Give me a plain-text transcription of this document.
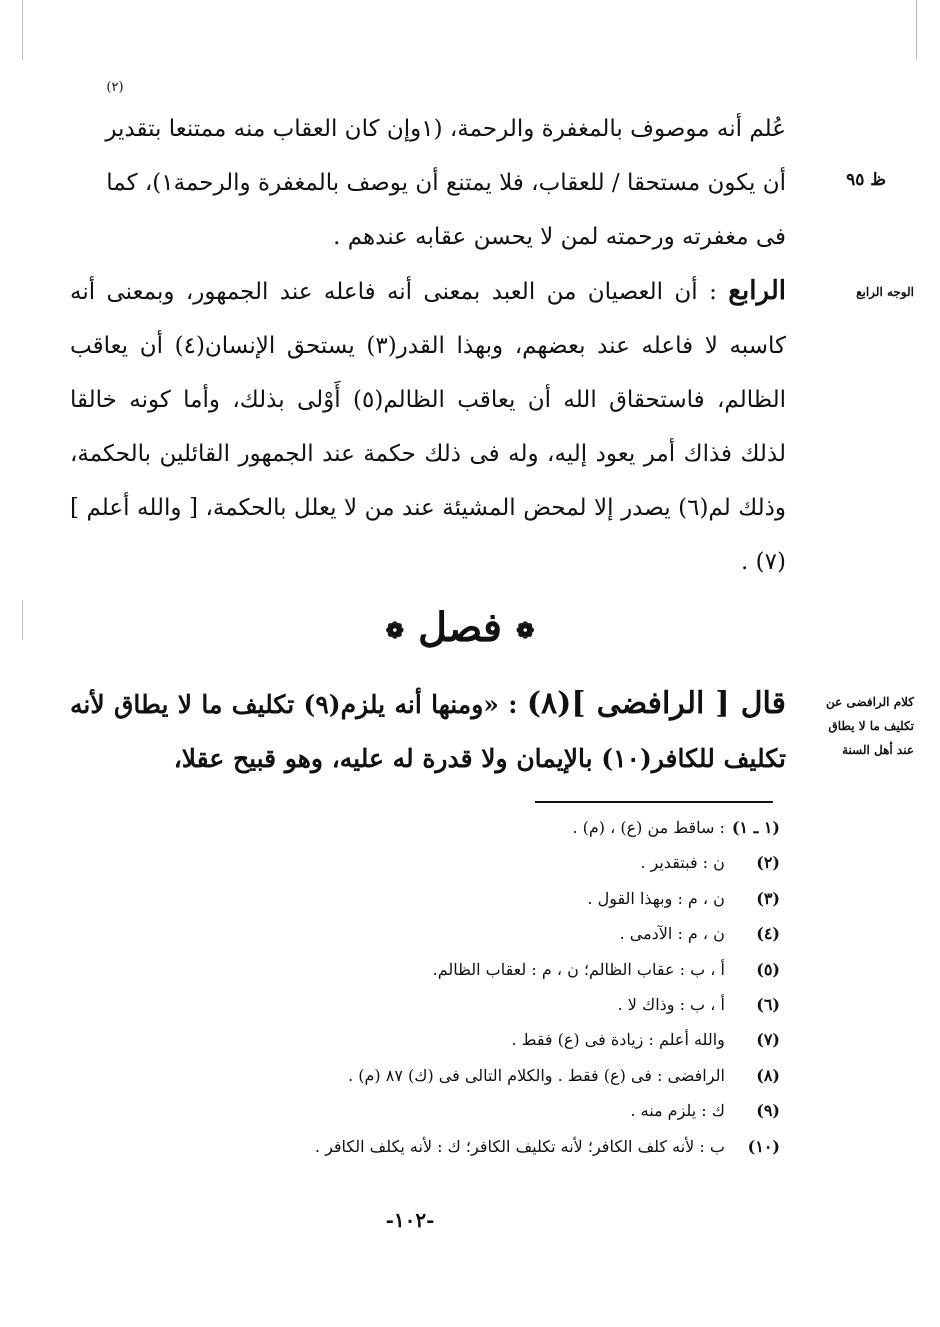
(٢)
ظ ٩٥
الوجه الرابع
كلام الرافضى عن تكليف ما لا يطاق عند أهل السنة

عُلم أنه موصوف بالمغفرة والرحمة، (١وإن كان العقاب منه ممتنعا بتقدير

أن يكون مستحقا / للعقاب، فلا يمتنع أن يوصف بالمغفرة والرحمة١)، كما

فى مغفرته ورحمته لمن لا يحسن عقابه عندهم .

الرابع : أن العصيان من العبد بمعنى أنه فاعله عند الجمهور، وبمعنى أنه كاسبه لا فاعله عند بعضهم، وبهذا القدر(٣) يستحق الإنسان(٤) أن يعاقب الظالم، فاستحقاق الله أن يعاقب الظالم(٥) أَوْلى بذلك، وأما كونه خالقا لذلك فذاك أمر يعود إليه، وله فى ذلك حكمة عند الجمهور القائلين بالحكمة، وذلك لم(٦) يصدر إلا لمحض المشيئة عند من لا يعلل بالحكمة، [ والله أعلم ](٧) .

❁ فصل ❁
قال [ الرافضى ](٨) : «ومنها أنه يلزم(٩) تكليف ما لا يطاق لأنه تكليف للكافر(١٠) بالإيمان ولا قدرة له عليه، وهو قبيح عقلا،
(١ ـ ١) : ساقط من (ع) ، (م) .
(٢) ن : فبتقدير .
(٣) ن ، م : وبهذا القول .
(٤) ن ، م : الآدمى .
(٥) أ ، ب : عقاب الظالم؛ ن ، م : لعقاب الظالم.
(٦) أ ، ب : وذاك لا .
(٧) والله أعلم : زيادة فى (ع) فقط .
(٨) الرافضى : فى (ع) فقط . والكلام التالى فى (ك) ٨٧ (م) .
(٩) ك : يلزم منه .
(١٠) ب : لأنه كلف الكافر؛ لأنه تكليف الكافر؛ ك : لأنه يكلف الكافر .
-١٠٢-
